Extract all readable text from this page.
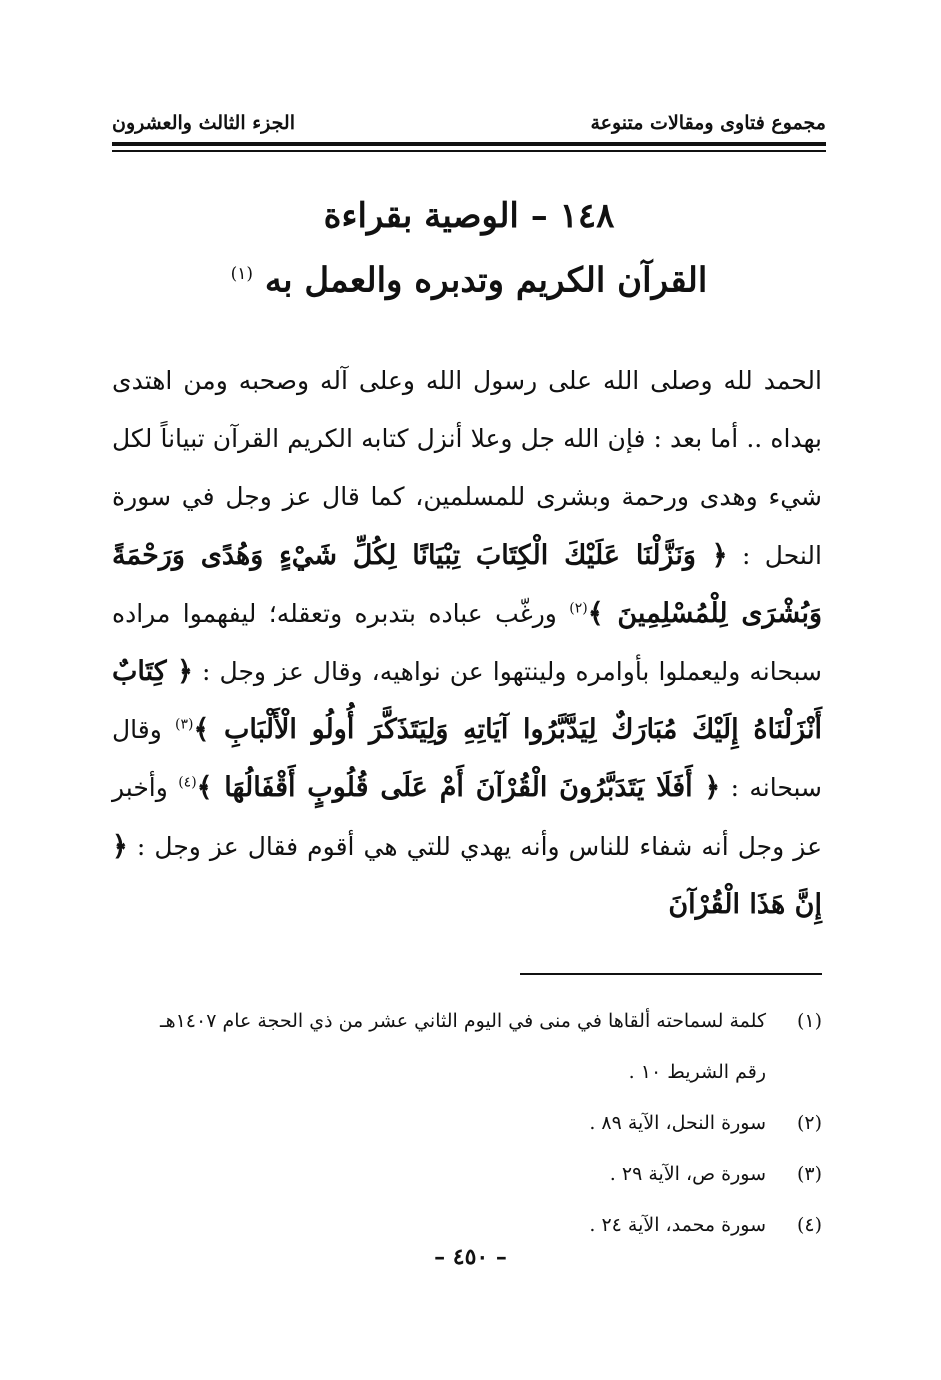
مجموع فتاوى ومقالات متنوعة
الجزء الثالث والعشرون
١٤٨ – الوصية بقراءة
القرآن الكريم وتدبره والعمل به $^{(١)}$
الحمد لله وصلى الله على رسول الله وعلى آله وصحبه ومن اهتدى بهداه .. أما بعد : فإن الله جل وعلا أنزل كتابه الكريم القرآن تبياناً لكل شيء وهدى ورحمة وبشرى للمسلمين، كما قال عز وجل في سورة النحل : ﴿ وَنَزَّلْنَا عَلَيْكَ الْكِتَابَ تِبْيَانًا لِكُلِّ شَيْءٍ وَهُدًى وَرَحْمَةً وَبُشْرَى لِلْمُسْلِمِينَ ﴾$^{(٢)}$ ورغّب عباده بتدبره وتعقله؛ ليفهموا مراده سبحانه وليعملوا بأوامره ولينتهوا عن نواهيه، وقال عز وجل : ﴿ كِتَابٌ أَنْزَلْنَاهُ إِلَيْكَ مُبَارَكٌ لِيَدَّبَّرُوا آيَاتِهِ وَلِيَتَذَكَّرَ أُولُو الْأَلْبَابِ ﴾$^{(٣)}$ وقال سبحانه : ﴿ أَفَلَا يَتَدَبَّرُونَ الْقُرْآنَ أَمْ عَلَى قُلُوبٍ أَقْفَالُهَا ﴾$^{(٤)}$ وأخبر عز وجل أنه شفاء للناس وأنه يهدي للتي هي أقوم فقال عز وجل : ﴿ إِنَّ هَذَا الْقُرْآنَ
(١)كلمة لسماحته ألقاها في منى في اليوم الثاني عشر من ذي الحجة عام ١٤٠٧هـ
رقم الشريط ١٠ .
(٢)سورة النحل، الآية ٨٩ .
(٣)سورة ص، الآية ٢٩ .
(٤)سورة محمد، الآية ٢٤ .
– ٤٥٠ –
